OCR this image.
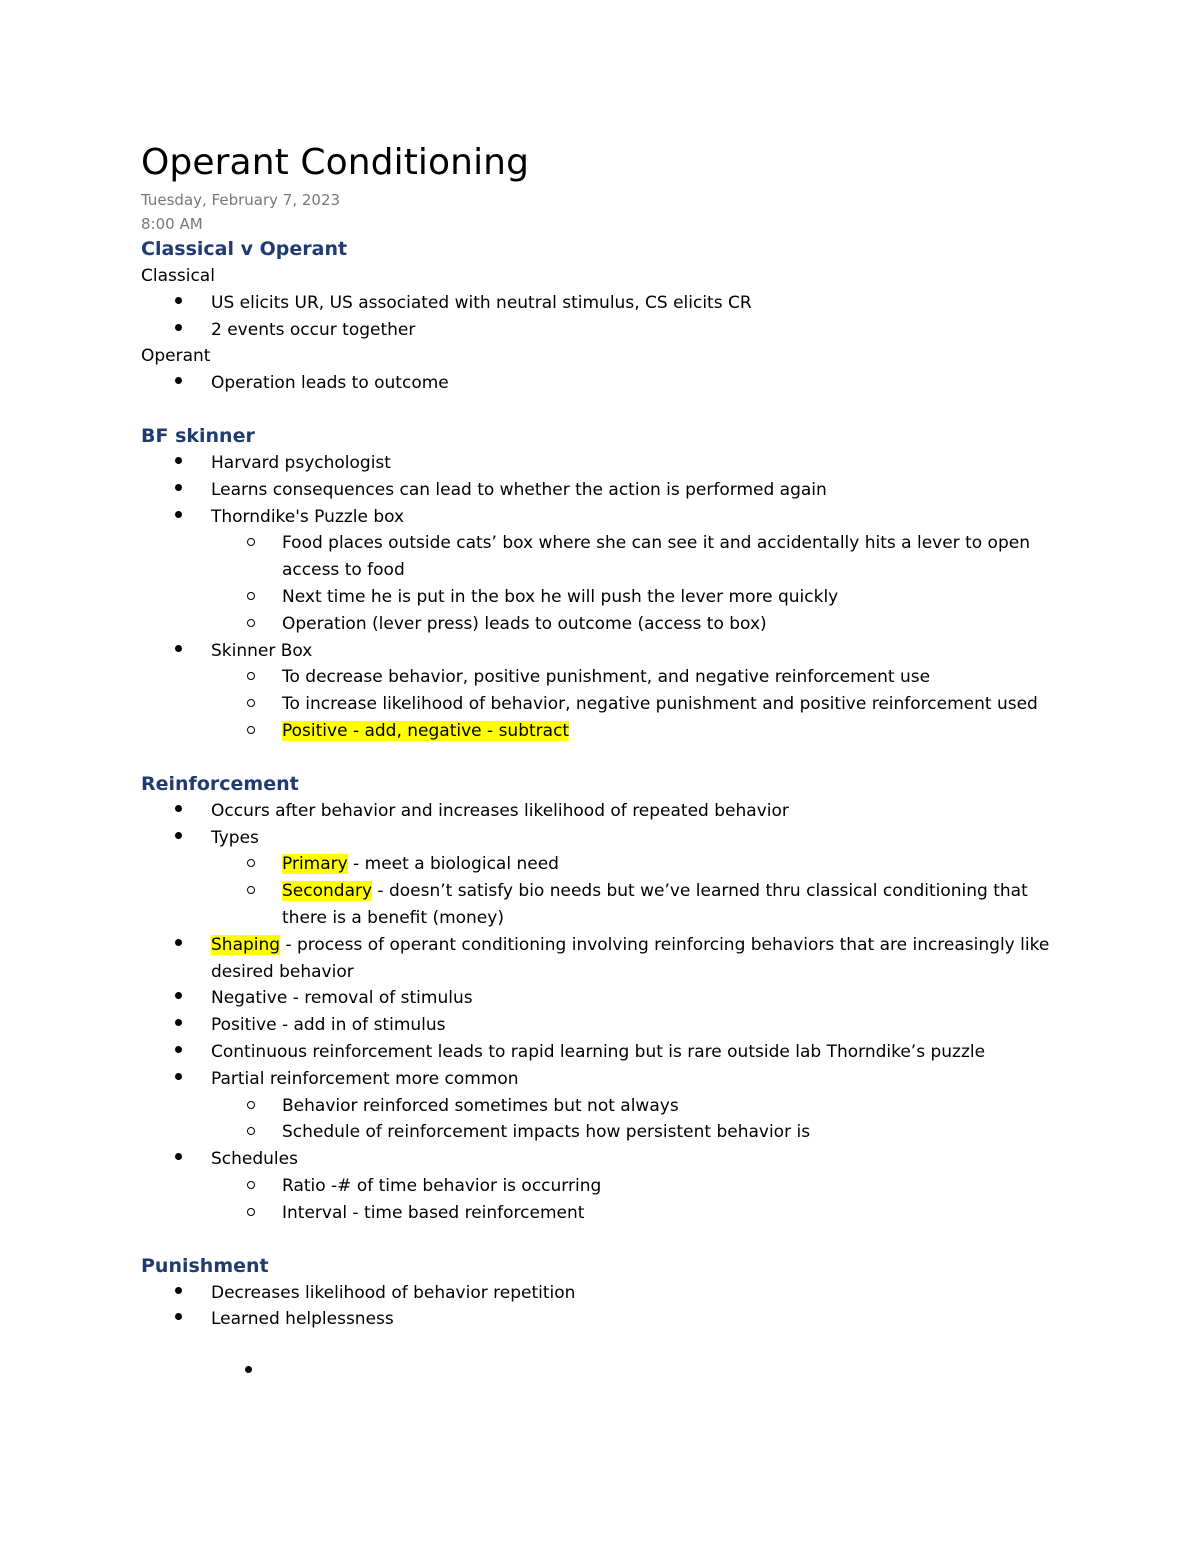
Operant Conditioning

Tuesday, February 7, 2023

8:00 AM

Classical v Operant

Classical

US elicits UR, US associated with neutral stimulus, CS elicits CR
2 events occur together

Operant

Operation leads to outcome
BF skinner
Harvard psychologist
Learns consequences can lead to whether the action is performed again
Thorndike's Puzzle box
Food places outside cats’ box where she can see it and accidentally hits a lever to open access to food
Next time he is put in the box he will push the lever more quickly
Operation (lever press) leads to outcome (access to box)
Skinner Box
To decrease behavior, positive punishment, and negative reinforcement use
To increase likelihood of behavior, negative punishment and positive reinforcement used
Positive - add, negative - subtract
Reinforcement
Occurs after behavior and increases likelihood of repeated behavior
Types
Primary - meet a biological need
Secondary - doesn’t satisfy bio needs but we’ve learned thru classical conditioning that there is a benefit (money)
Shaping - process of operant conditioning involving reinforcing behaviors that are increasingly like desired behavior
Negative - removal of stimulus
Positive - add in of stimulus
Continuous reinforcement leads to rapid learning but is rare outside lab Thorndike’s puzzle
Partial reinforcement more common
Behavior reinforced sometimes but not always
Schedule of reinforcement impacts how persistent behavior is
Schedules
Ratio -# of time behavior is occurring
Interval - time based reinforcement
Punishment
Decreases likelihood of behavior repetition
Learned helplessness
